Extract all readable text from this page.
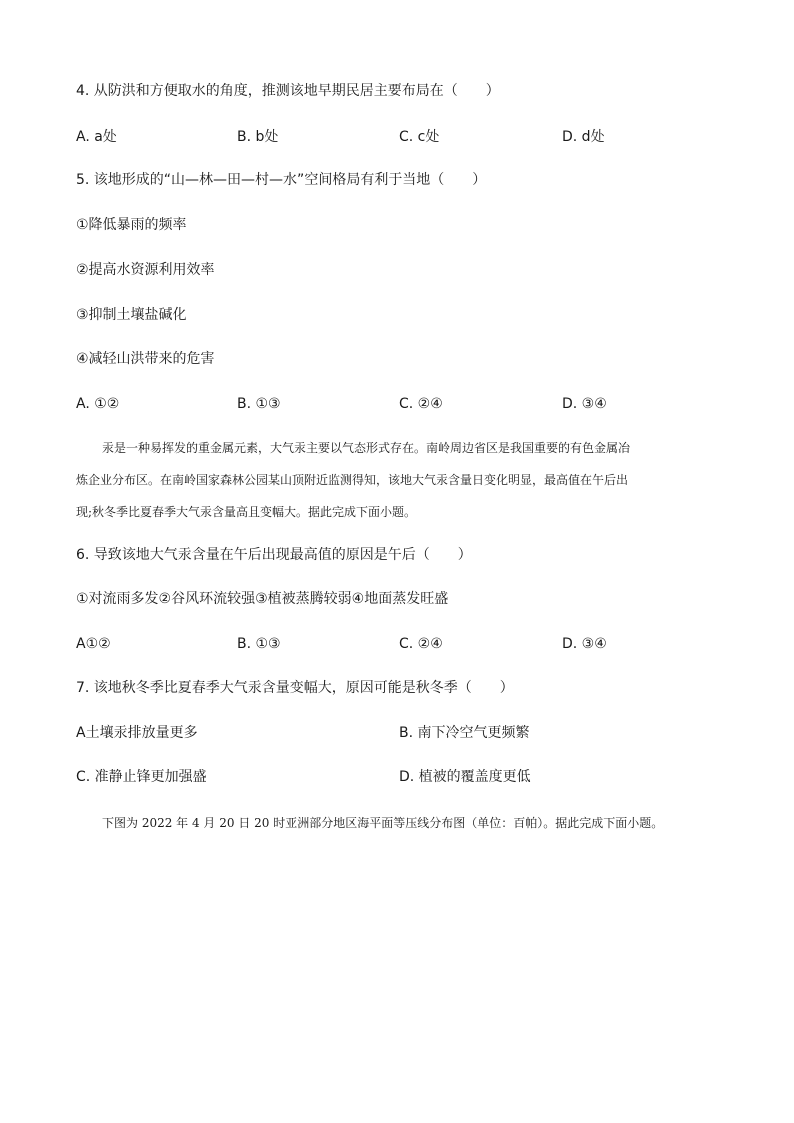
4. 从防洪和方便取水的角度，推测该地早期民居主要布局在（　　）
A. a处	B. b处	C. c处	D. d处
5. 该地形成的“山—林—田—村—水”空间格局有利于当地（　　）
①降低暴雨的频率
②提高水资源利用效率
③抑制土壤盐碱化
④减轻山洪带来的危害
A. ①②	B. ①③	C. ②④	D. ③④
汞是一种易挥发的重金属元素，大气汞主要以气态形式存在。南岭周边省区是我国重要的有色金属冶
炼企业分布区。在南岭国家森林公园某山顶附近监测得知，该地大气汞含量日变化明显，最高值在午后出
现;秋冬季比夏春季大气汞含量高且变幅大。据此完成下面小题。
6. 导致该地大气汞含量在午后出现最高值的原因是午后（　　）
①对流雨多发②谷风环流较强③植被蒸腾较弱④地面蒸发旺盛
A①②	B. ①③	C. ②④	D. ③④
7. 该地秋冬季比夏春季大气汞含量变幅大，原因可能是秋冬季（　　）
A土壤汞排放量更多	B. 南下冷空气更频繁
C. 准静止锋更加强盛	D. 植被的覆盖度更低
下图为 2022 年 4 月 20 日 20 时亚洲部分地区海平面等压线分布图（单位：百帕）。据此完成下面小题。
